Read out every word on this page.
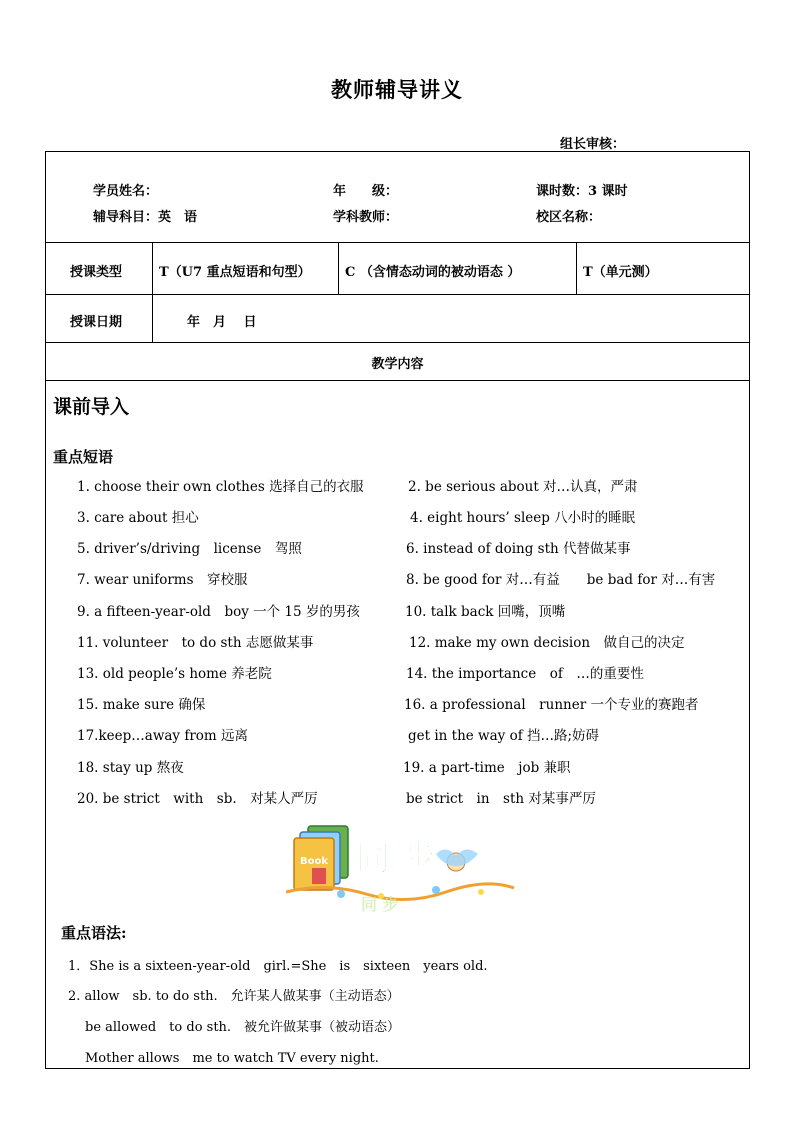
教师辅导讲义
组长审核：
学员姓名：	年　　级：	课时数：3 课时
辅导科目：英　语	学科教师：	校区名称：
授课类型	T（U7 重点短语和句型）	C （含情态动词的被动语态 ）	T（单元测）
授课日期	年　月　 日
教学内容
课前导入
重点短语
1. choose their own clothes 选择自己的衣服	2. be serious about 对…认真，严肃
3. care about 担心	4. eight hours’ sleep 八小时的睡眠
5. driver’s/driving　license　驾照	6. instead of doing sth 代替做某事
7. wear uniforms　穿校服	8. be good for 对…有益　　be bad for 对…有害
9. a fifteen-year-old　boy 一个 15 岁的男孩	10. talk back 回嘴，顶嘴
11. volunteer　to do sth 志愿做某事	12. make my own decision　做自己的决定
13. old people’s home 养老院	14. the importance　of　…的重要性
15. make sure 确保	16. a professional　runner 一个专业的赛跑者
17.keep…away from 远离	get in the way of 挡…路;妨碍
18. stay up 熬夜	19. a part-time　job 兼职
20. be strict　with　sb.　对某人严厉	be strict　in　sth 对某事严厉
Book 同 步
同 步
重点语法:
1．She is a sixteen-year-old　girl.=She　is　sixteen　years old.
2. allow　sb. to do sth.　允许某人做某事（主动语态）
be allowed　to do sth.　被允许做某事（被动语态）
Mother allows　me to watch TV every night.
